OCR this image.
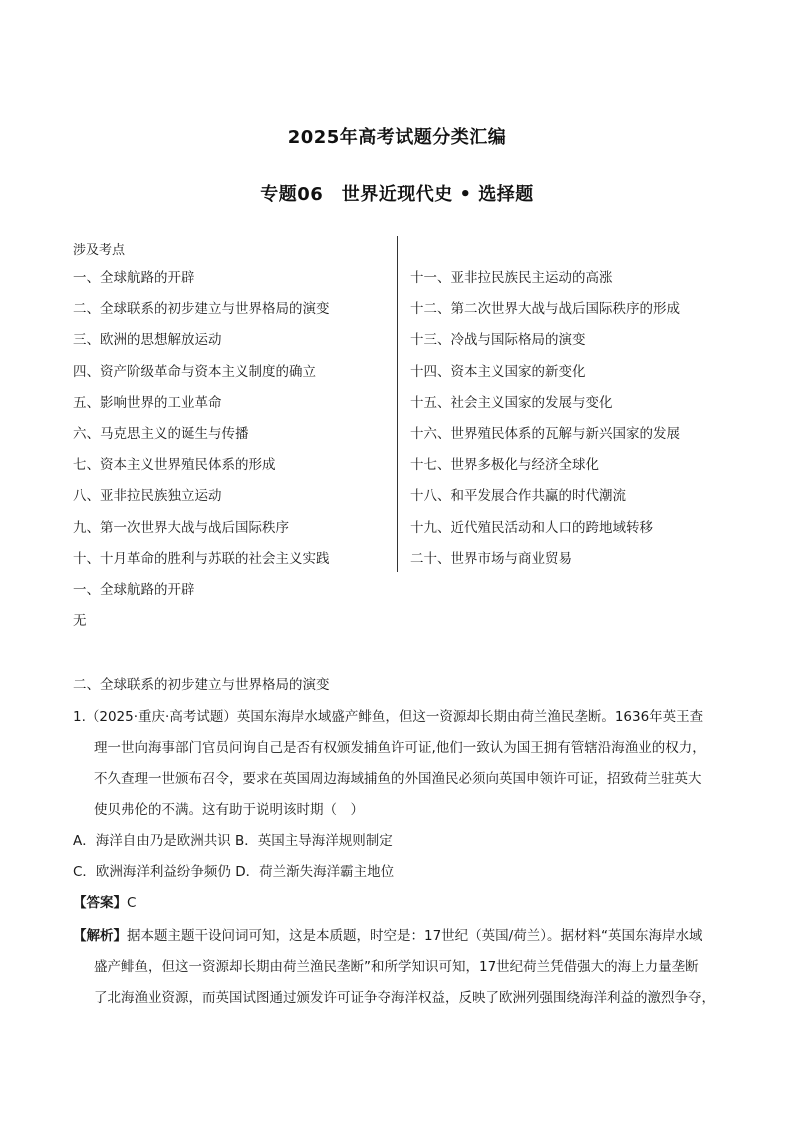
2025年高考试题分类汇编
专题06　世界近现代史 • 选择题
涉及考点
一、全球航路的开辟
二、全球联系的初步建立与世界格局的演变
三、欧洲的思想解放运动
四、资产阶级革命与资本主义制度的确立
五、影响世界的工业革命
六、马克思主义的诞生与传播
七、资本主义世界殖民体系的形成
八、亚非拉民族独立运动
九、第一次世界大战与战后国际秩序
十、十月革命的胜利与苏联的社会主义实践
十一、亚非拉民族民主运动的高涨
十二、第二次世界大战与战后国际秩序的形成
十三、冷战与国际格局的演变
十四、资本主义国家的新变化
十五、社会主义国家的发展与变化
十六、世界殖民体系的瓦解与新兴国家的发展
十七、世界多极化与经济全球化
十八、和平发展合作共赢的时代潮流
十九、近代殖民活动和人口的跨地域转移
二十、世界市场与商业贸易
一、全球航路的开辟
无
二、全球联系的初步建立与世界格局的演变
1.（2025·重庆·高考试题）英国东海岸水域盛产鲱鱼，但这一资源却长期由荷兰渔民垄断。1636年英王查
理一世向海事部门官员问询自己是否有权颁发捕鱼许可证,他们一致认为国王拥有管辖沿海渔业的权力，
不久查理一世颁布召令，要求在英国周边海域捕鱼的外国渔民必须向英国申领许可证，招致荷兰驻英大
使贝弗伦的不满。这有助于说明该时期（　）
A．海洋自由乃是欧洲共识 B．英国主导海洋规则制定
C．欧洲海洋利益纷争频仍 D．荷兰渐失海洋霸主地位
【答案】C
【解析】据本题主题干设问词可知，这是本质题，时空是：17世纪（英国/荷兰）。据材料“英国东海岸水域
盛产鲱鱼，但这一资源却长期由荷兰渔民垄断”和所学知识可知，17世纪荷兰凭借强大的海上力量垄断
了北海渔业资源，而英国试图通过颁发许可证争夺海洋权益，反映了欧洲列强围绕海洋利益的激烈争夺，
